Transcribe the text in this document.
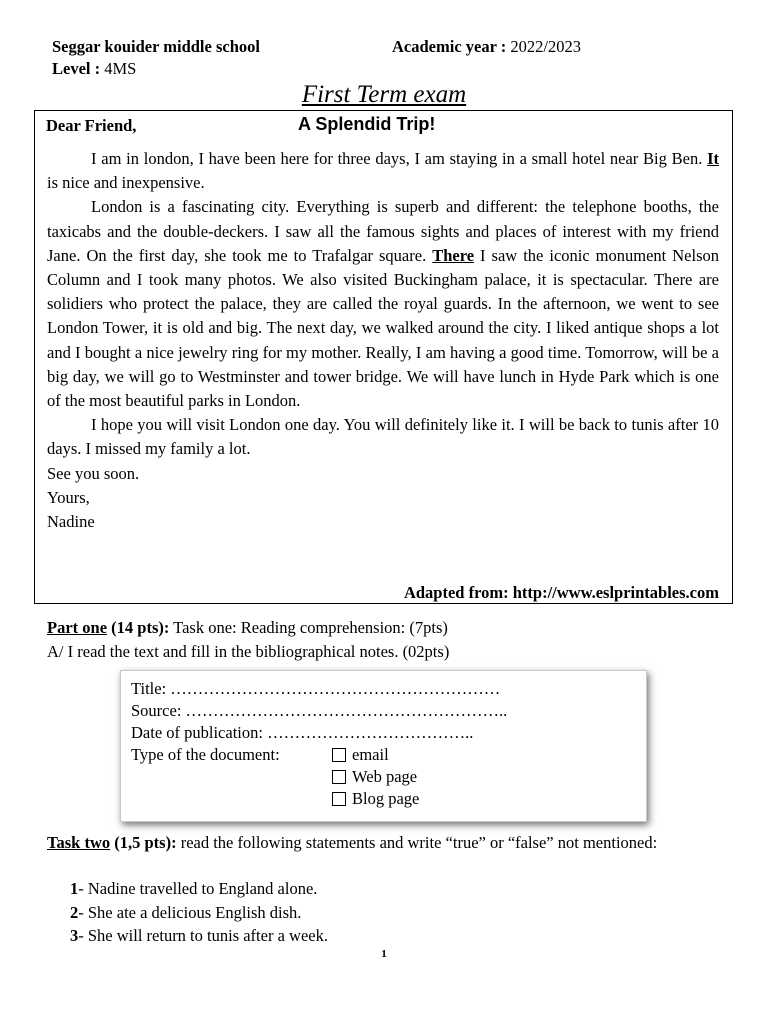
Seggar kouider middle school	Academic year : 2022/2023
Level : 4MS
First Term exam
Dear Friend,	A Splendid Trip!

I am in london, I have been here for three days, I am staying in a small hotel near Big Ben. It is nice and inexpensive.

London is a fascinating city. Everything is superb and different: the telephone booths, the taxicabs and the double-deckers. I saw all the famous sights and places of interest with my friend Jane. On the first day, she took me to Trafalgar square. There I saw the iconic monument Nelson Column and I took many photos. We also visited Buckingham palace, it is spectacular. There are solidiers who protect the palace, they are called the royal guards. In the afternoon, we went to see London Tower, it is old and big. The next day, we walked around the city. I liked antique shops a lot and I bought a nice jewelry ring for my mother. Really, I am having a good time. Tomorrow, will be a big day, we will go to Westminster and tower bridge. We will have lunch in Hyde Park which is one of the most beautiful parks in London.

I hope you will visit London one day. You will definitely like it. I will be back to tunis after 10 days. I missed my family a lot.

See you soon.

Yours,

Nadine

Adapted from: http://www.eslprintables.com
Part one (14 pts): Task one: Reading comprehension: (7pts)
A/ I read the text and fill in the bibliographical notes. (02pts)
Title: ……………………………………………………
Source: …………………………………………………..
Date of publication: ………………………………..
Type of the document:	email
Web page
Blog page
Task two (1,5 pts): read the following statements and write “true” or “false” not mentioned:
1- Nadine travelled to England alone.
2- She ate a delicious English dish.
3- She will return to tunis after a week.
1
